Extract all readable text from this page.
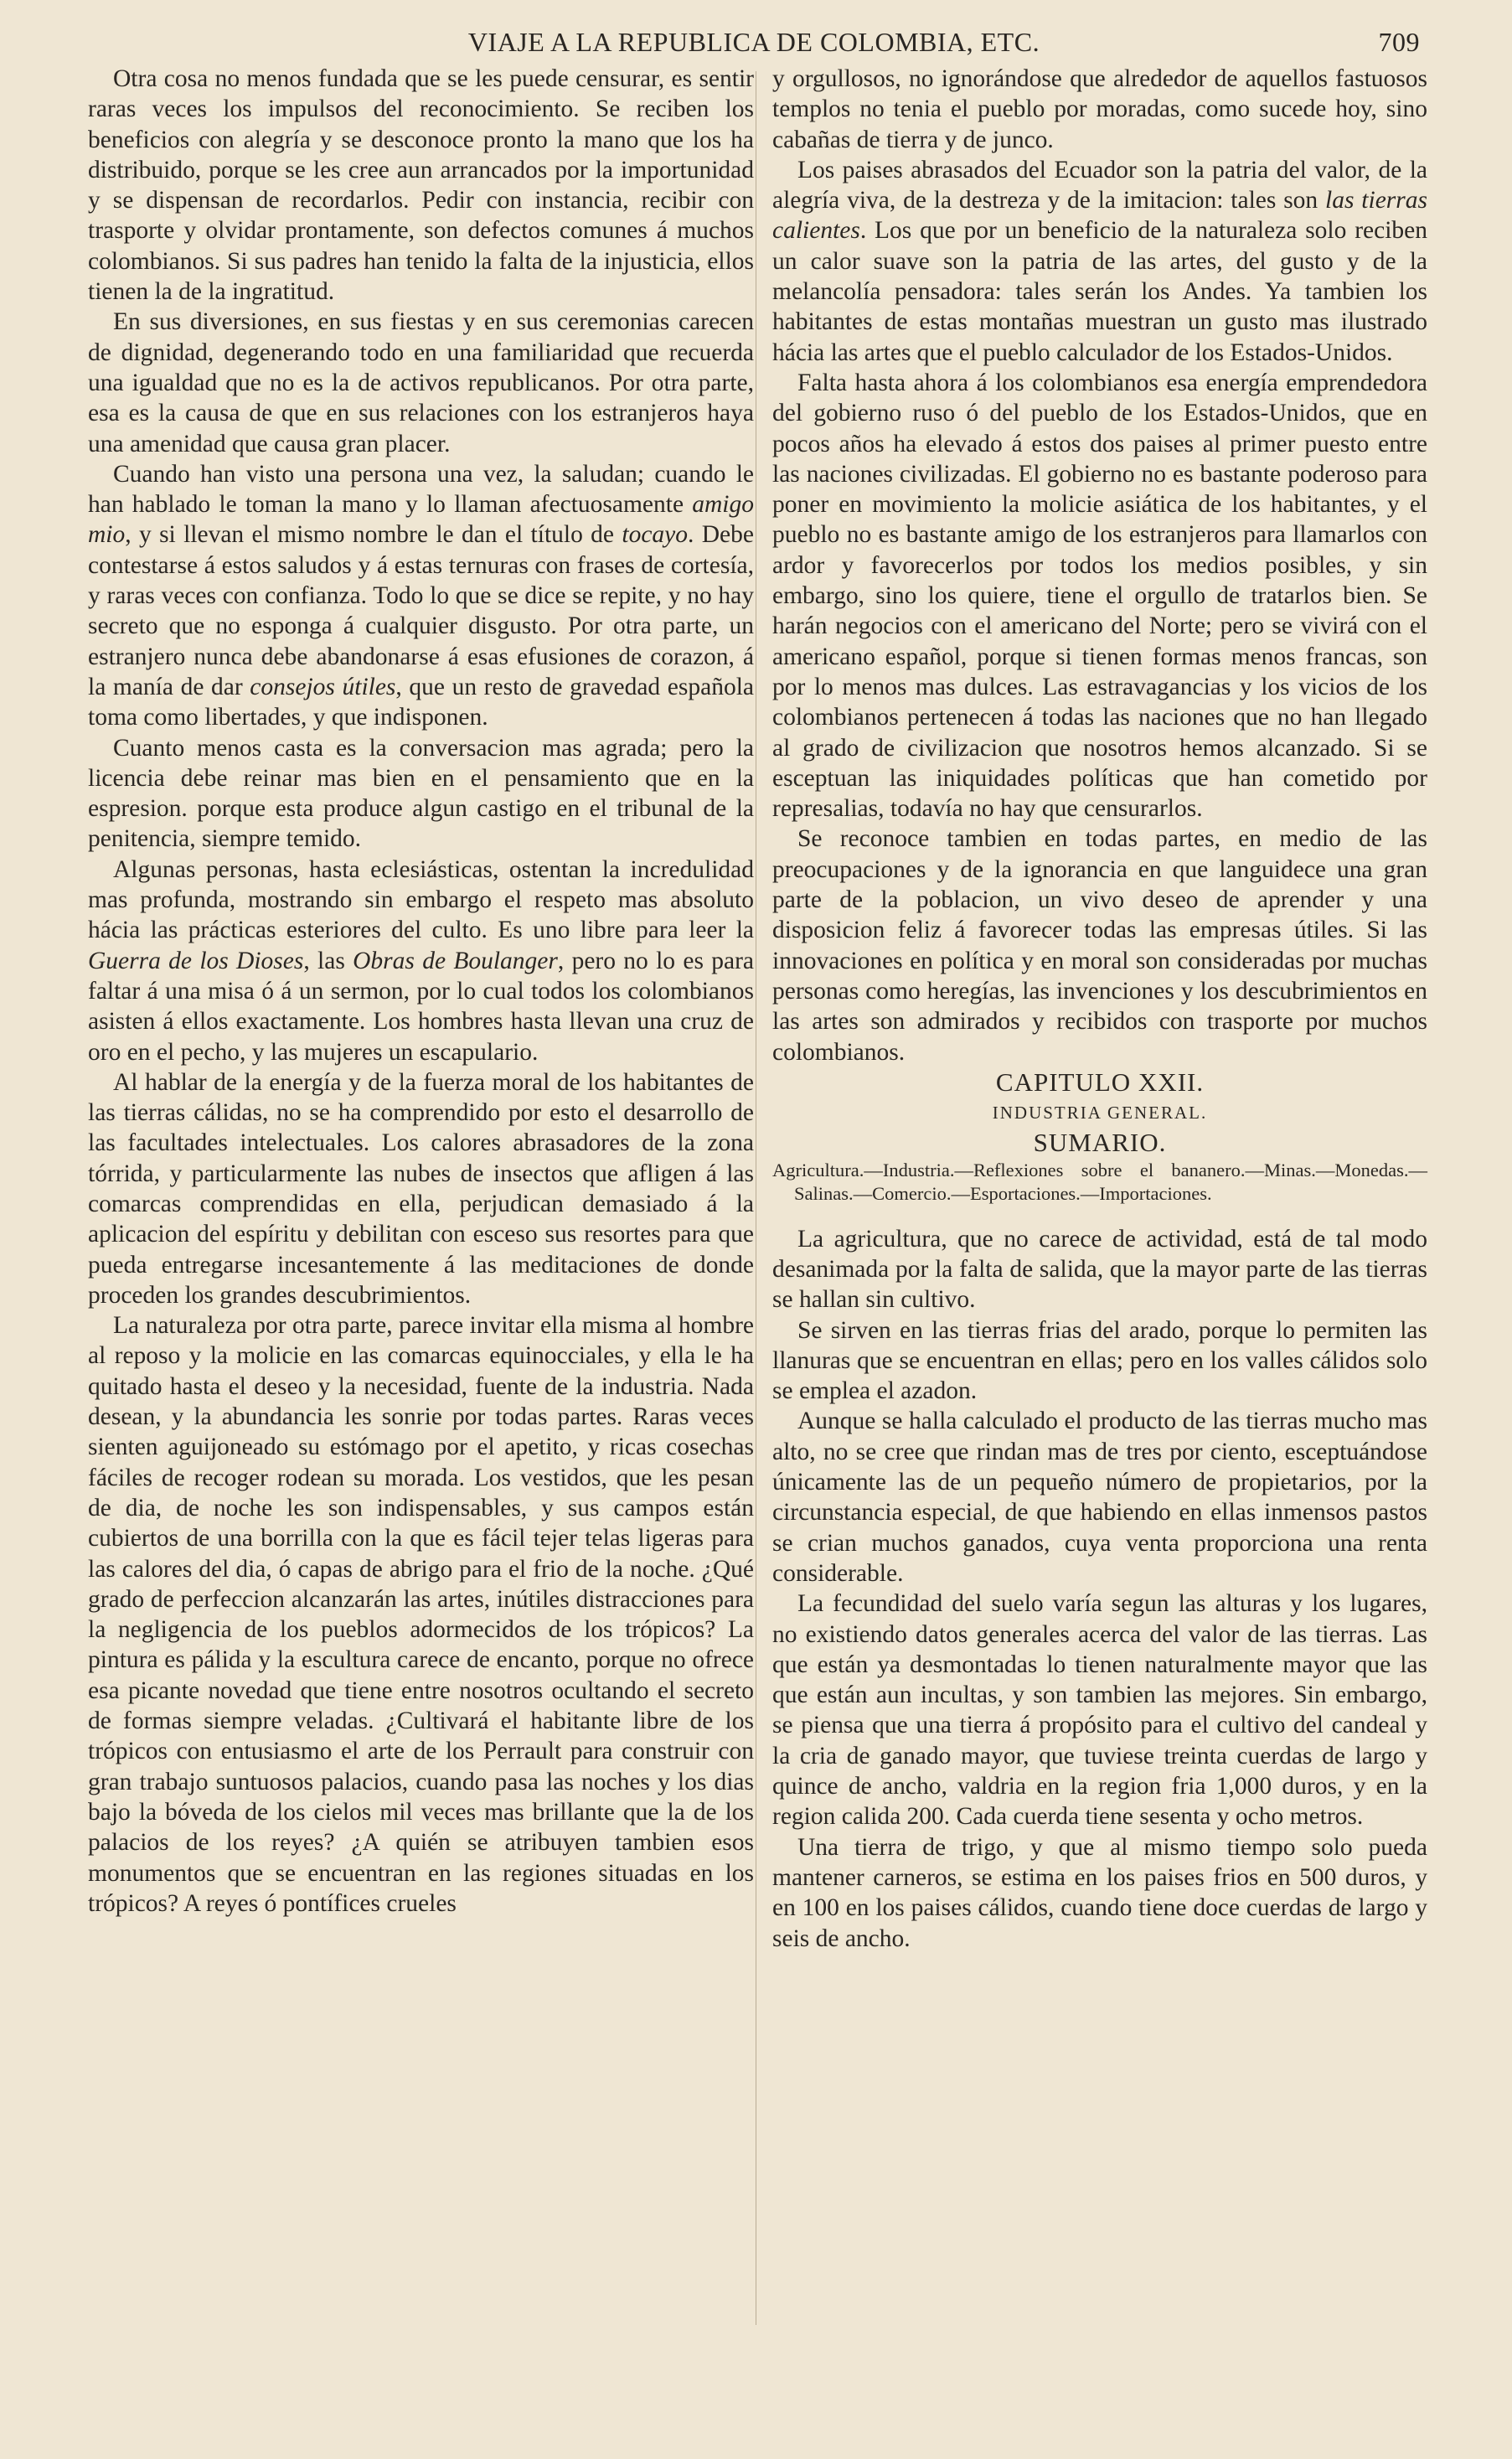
VIAJE A LA REPUBLICA DE COLOMBIA, ETC.	709

Otra cosa no menos fundada que se les puede censurar, es sentir raras veces los impulsos del reconocimiento. Se reciben los beneficios con alegría y se desconoce pronto la mano que los ha distribuido, porque se les cree aun arrancados por la importunidad y se dispensan de recordarlos. Pedir con instancia, recibir con trasporte y olvidar prontamente, son defectos comunes á muchos colombianos. Si sus padres han tenido la falta de la injusticia, ellos tienen la de la ingratitud.

En sus diversiones, en sus fiestas y en sus ceremonias carecen de dignidad, degenerando todo en una familiaridad que recuerda una igualdad que no es la de activos republicanos. Por otra parte, esa es la causa de que en sus relaciones con los estranjeros haya una amenidad que causa gran placer.

Cuando han visto una persona una vez, la saludan; cuando le han hablado le toman la mano y lo llaman afectuosamente amigo mio, y si llevan el mismo nombre le dan el título de tocayo. Debe contestarse á estos saludos y á estas ternuras con frases de cortesía, y raras veces con confianza. Todo lo que se dice se repite, y no hay secreto que no esponga á cualquier disgusto. Por otra parte, un estranjero nunca debe abandonarse á esas efusiones de corazon, á la manía de dar consejos útiles, que un resto de gravedad española toma como libertades, y que indisponen.

Cuanto menos casta es la conversacion mas agrada; pero la licencia debe reinar mas bien en el pensamiento que en la espresion. porque esta produce algun castigo en el tribunal de la penitencia, siempre temido.

Algunas personas, hasta eclesiásticas, ostentan la incredulidad mas profunda, mostrando sin embargo el respeto mas absoluto hácia las prácticas esteriores del culto. Es uno libre para leer la Guerra de los Dioses, las Obras de Boulanger, pero no lo es para faltar á una misa ó á un sermon, por lo cual todos los colombianos asisten á ellos exactamente. Los hombres hasta llevan una cruz de oro en el pecho, y las mujeres un escapulario.

Al hablar de la energía y de la fuerza moral de los habitantes de las tierras cálidas, no se ha comprendido por esto el desarrollo de las facultades intelectuales. Los calores abrasadores de la zona tórrida, y particularmente las nubes de insectos que afligen á las comarcas comprendidas en ella, perjudican demasiado á la aplicacion del espíritu y debilitan con esceso sus resortes para que pueda entregarse incesantemente á las meditaciones de donde proceden los grandes descubrimientos.

La naturaleza por otra parte, parece invitar ella misma al hombre al reposo y la molicie en las comarcas equinocciales, y ella le ha quitado hasta el deseo y la necesidad, fuente de la industria. Nada desean, y la abundancia les sonrie por todas partes. Raras veces sienten aguijoneado su estómago por el apetito, y ricas cosechas fáciles de recoger rodean su morada. Los vestidos, que les pesan de dia, de noche les son indispensables, y sus campos están cubiertos de una borrilla con la que es fácil tejer telas ligeras para las calores del dia, ó capas de abrigo para el frio de la noche. ¿Qué grado de perfeccion alcanzarán las artes, inútiles distracciones para la negligencia de los pueblos adormecidos de los trópicos? La pintura es pálida y la escultura carece de encanto, porque no ofrece esa picante novedad que tiene entre nosotros ocultando el secreto de formas siempre veladas. ¿Cultivará el habitante libre de los trópicos con entusiasmo el arte de los Perrault para construir con gran trabajo suntuosos palacios, cuando pasa las noches y los dias bajo la bóveda de los cielos mil veces mas brillante que la de los palacios de los reyes? ¿A quién se atribuyen tambien esos monumentos que se encuentran en las regiones situadas en los trópicos? A reyes ó pontífices crueles

y orgullosos, no ignorándose que alrededor de aquellos fastuosos templos no tenia el pueblo por moradas, como sucede hoy, sino cabañas de tierra y de junco.

Los paises abrasados del Ecuador son la patria del valor, de la alegría viva, de la destreza y de la imitacion: tales son las tierras calientes. Los que por un beneficio de la naturaleza solo reciben un calor suave son la patria de las artes, del gusto y de la melancolía pensadora: tales serán los Andes. Ya tambien los habitantes de estas montañas muestran un gusto mas ilustrado hácia las artes que el pueblo calculador de los Estados-Unidos.

Falta hasta ahora á los colombianos esa energía emprendedora del gobierno ruso ó del pueblo de los Estados-Unidos, que en pocos años ha elevado á estos dos paises al primer puesto entre las naciones civilizadas. El gobierno no es bastante poderoso para poner en movimiento la molicie asiática de los habitantes, y el pueblo no es bastante amigo de los estranjeros para llamarlos con ardor y favorecerlos por todos los medios posibles, y sin embargo, sino los quiere, tiene el orgullo de tratarlos bien. Se harán negocios con el americano del Norte; pero se vivirá con el americano español, porque si tienen formas menos francas, son por lo menos mas dulces. Las estravagancias y los vicios de los colombianos pertenecen á todas las naciones que no han llegado al grado de civilizacion que nosotros hemos alcanzado. Si se esceptuan las iniquidades políticas que han cometido por represalias, todavía no hay que censurarlos.

Se reconoce tambien en todas partes, en medio de las preocupaciones y de la ignorancia en que languidece una gran parte de la poblacion, un vivo deseo de aprender y una disposicion feliz á favorecer todas las empresas útiles. Si las innovaciones en política y en moral son consideradas por muchas personas como heregías, las invenciones y los descubrimientos en las artes son admirados y recibidos con trasporte por muchos colombianos.

CAPITULO XXII.

INDUSTRIA GENERAL.

SUMARIO.

Agricultura.—Industria.—Reflexiones sobre el bananero.—Minas.—Monedas.—Salinas.—Comercio.—Esportaciones.—Importaciones.

La agricultura, que no carece de actividad, está de tal modo desanimada por la falta de salida, que la mayor parte de las tierras se hallan sin cultivo.

Se sirven en las tierras frias del arado, porque lo permiten las llanuras que se encuentran en ellas; pero en los valles cálidos solo se emplea el azadon.

Aunque se halla calculado el producto de las tierras mucho mas alto, no se cree que rindan mas de tres por ciento, esceptuándose únicamente las de un pequeño número de propietarios, por la circunstancia especial, de que habiendo en ellas inmensos pastos se crian muchos ganados, cuya venta proporciona una renta considerable.

La fecundidad del suelo varía segun las alturas y los lugares, no existiendo datos generales acerca del valor de las tierras. Las que están ya desmontadas lo tienen naturalmente mayor que las que están aun incultas, y son tambien las mejores. Sin embargo, se piensa que una tierra á propósito para el cultivo del candeal y la cria de ganado mayor, que tuviese treinta cuerdas de largo y quince de ancho, valdria en la region fria 1,000 duros, y en la region calida 200. Cada cuerda tiene sesenta y ocho metros.

Una tierra de trigo, y que al mismo tiempo solo pueda mantener carneros, se estima en los paises frios en 500 duros, y en 100 en los paises cálidos, cuando tiene doce cuerdas de largo y seis de ancho.
